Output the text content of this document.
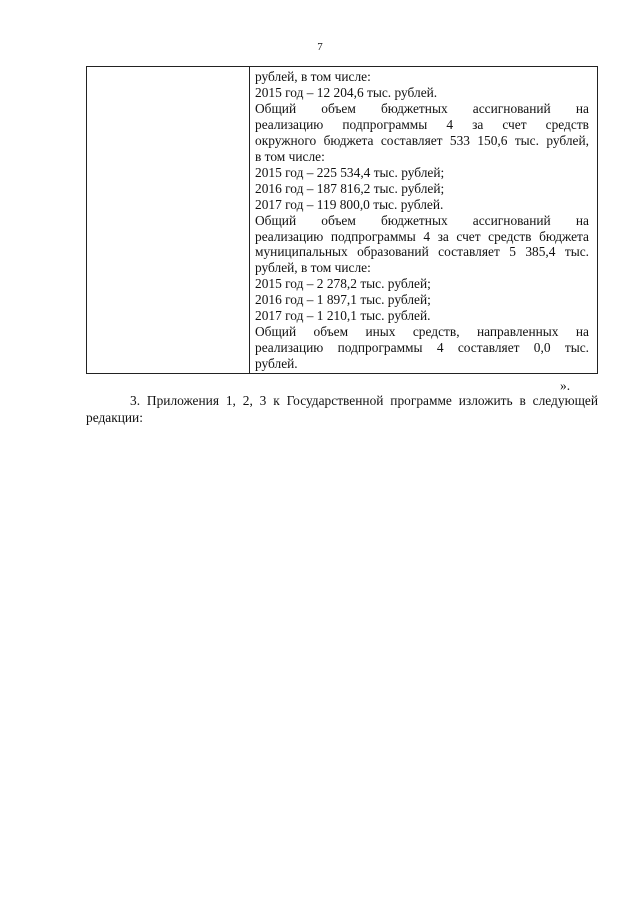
7
рублей, в том числе:
2015 год – 12 204,6 тыс. рублей.
Общий объем бюджетных ассигнований на
реализацию подпрограммы 4 за счет средств
окружного бюджета составляет 533 150,6 тыс. рублей,
в том числе:
2015 год – 225 534,4 тыс. рублей;
2016 год – 187 816,2 тыс. рублей;
2017 год – 119 800,0 тыс. рублей.
Общий объем бюджетных ассигнований на
реализацию подпрограммы 4 за счет средств бюджета
муниципальных образований составляет 5 385,4 тыс.
рублей, в том числе:
2015 год – 2 278,2 тыс. рублей;
2016 год – 1 897,1 тыс. рублей;
2017 год – 1 210,1 тыс. рублей.
Общий объем иных средств, направленных на
реализацию подпрограммы 4 составляет 0,0 тыс.
рублей.
».
3. Приложения 1, 2, 3 к Государственной программе изложить в следующей
редакции:
